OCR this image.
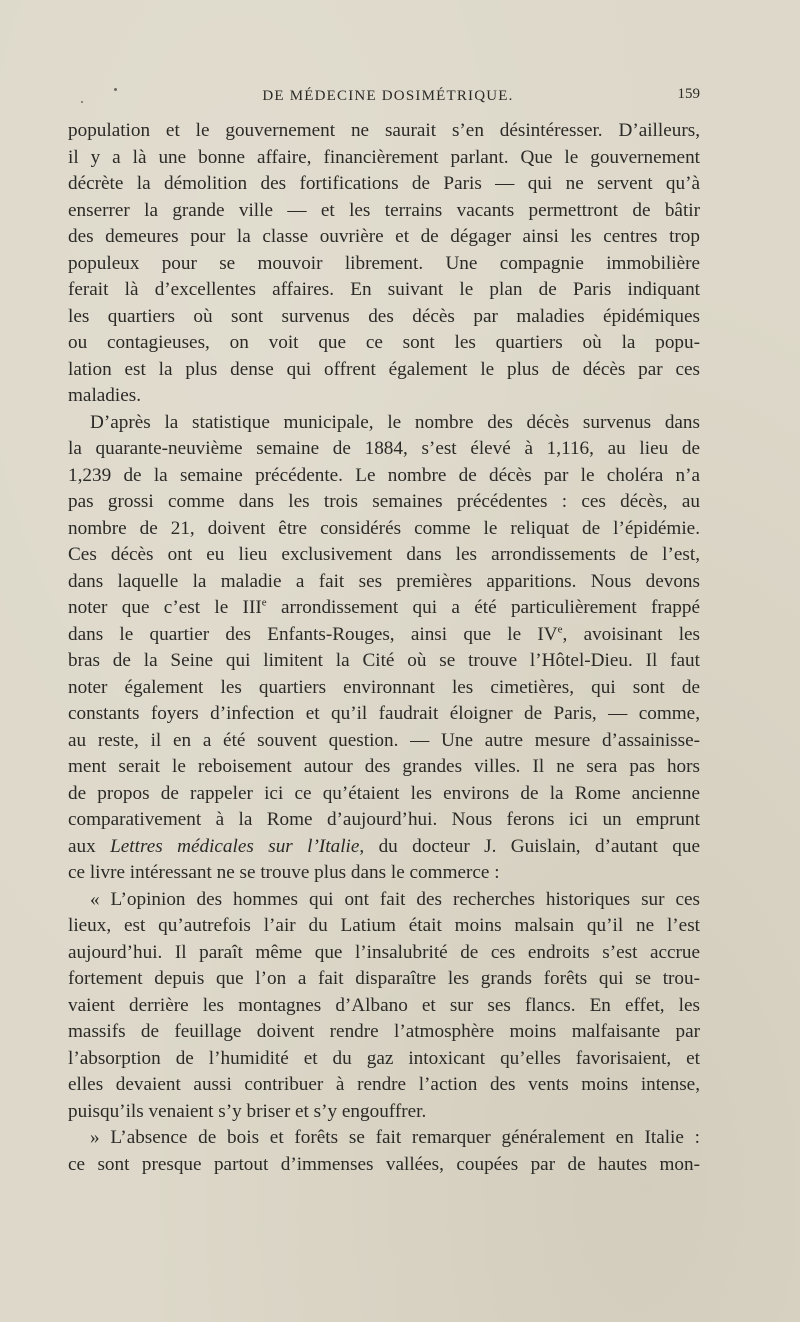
DE MÉDECINE DOSIMÉTRIQUE.	159
population et le gouvernement ne saurait s’en désintéresser. D’ailleurs,
il y a là une bonne affaire, financièrement parlant. Que le gouvernement
décrète la démolition des fortifications de Paris — qui ne servent qu’à
enserrer la grande ville — et les terrains vacants permettront de bâtir
des demeures pour la classe ouvrière et de dégager ainsi les centres trop
populeux pour se mouvoir librement. Une compagnie immobilière
ferait là d’excellentes affaires. En suivant le plan de Paris indiquant
les quartiers où sont survenus des décès par maladies épidémiques
ou contagieuses, on voit que ce sont les quartiers où la popu-
lation est la plus dense qui offrent également le plus de décès par ces
maladies.
D’après la statistique municipale, le nombre des décès survenus dans
la quarante-neuvième semaine de 1884, s’est élevé à 1,116, au lieu de
1,239 de la semaine précédente. Le nombre de décès par le choléra n’a
pas grossi comme dans les trois semaines précédentes : ces décès, au
nombre de 21, doivent être considérés comme le reliquat de l’épidémie.
Ces décès ont eu lieu exclusivement dans les arrondissements de l’est,
dans laquelle la maladie a fait ses premières apparitions. Nous devons
noter que c’est le IIIe arrondissement qui a été particulièrement frappé
dans le quartier des Enfants-Rouges, ainsi que le IVe, avoisinant les
bras de la Seine qui limitent la Cité où se trouve l’Hôtel-Dieu. Il faut
noter également les quartiers environnant les cimetières, qui sont de
constants foyers d’infection et qu’il faudrait éloigner de Paris, — comme,
au reste, il en a été souvent question. — Une autre mesure d’assainisse-
ment serait le reboisement autour des grandes villes. Il ne sera pas hors
de propos de rappeler ici ce qu’étaient les environs de la Rome ancienne
comparativement à la Rome d’aujourd’hui. Nous ferons ici un emprunt
aux Lettres médicales sur l’Italie, du docteur J. Guislain, d’autant que
ce livre intéressant ne se trouve plus dans le commerce :
« L’opinion des hommes qui ont fait des recherches historiques sur ces
lieux, est qu’autrefois l’air du Latium était moins malsain qu’il ne l’est
aujourd’hui. Il paraît même que l’insalubrité de ces endroits s’est accrue
fortement depuis que l’on a fait disparaître les grands forêts qui se trou-
vaient derrière les montagnes d’Albano et sur ses flancs. En effet, les
massifs de feuillage doivent rendre l’atmosphère moins malfaisante par
l’absorption de l’humidité et du gaz intoxicant qu’elles favorisaient, et
elles devaient aussi contribuer à rendre l’action des vents moins intense,
puisqu’ils venaient s’y briser et s’y engouffrer.
» L’absence de bois et forêts se fait remarquer généralement en Italie :
ce sont presque partout d’immenses vallées, coupées par de hautes mon-
